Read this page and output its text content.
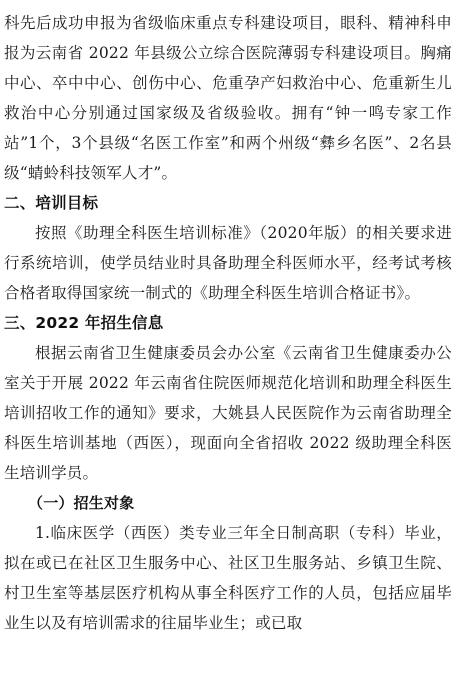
科先后成功申报为省级临床重点专科建设项目，眼科、精神科申报为云南省 2022 年县级公立综合医院薄弱专科建设项目。胸痛中心、卒中中心、创伤中心、危重孕产妇救治中心、危重新生儿救治中心分别通过国家级及省级验收。拥有“钟一鸣专家工作站”1个，3个县级“名医工作室”和两个州级“彝乡名医”、2名县级“蜻蛉科技领军人才”。

二、培训目标

按照《助理全科医生培训标准》（2020年版）的相关要求进行系统培训，使学员结业时具备助理全科医师水平，经考试考核合格者取得国家统一制式的《助理全科医生培训合格证书》。

三、2022 年招生信息

根据云南省卫生健康委员会办公室《云南省卫生健康委办公室关于开展 2022 年云南省住院医师规范化培训和助理全科医生培训招收工作的通知》要求，大姚县人民医院作为云南省助理全科医生培训基地（西医），现面向全省招收 2022 级助理全科医生培训学员。

（一）招生对象

1.临床医学（西医）类专业三年全日制高职（专科）毕业，拟在或已在社区卫生服务中心、社区卫生服务站、乡镇卫生院、村卫生室等基层医疗机构从事全科医疗工作的人员，包括应届毕业生以及有培训需求的往届毕业生；或已取
